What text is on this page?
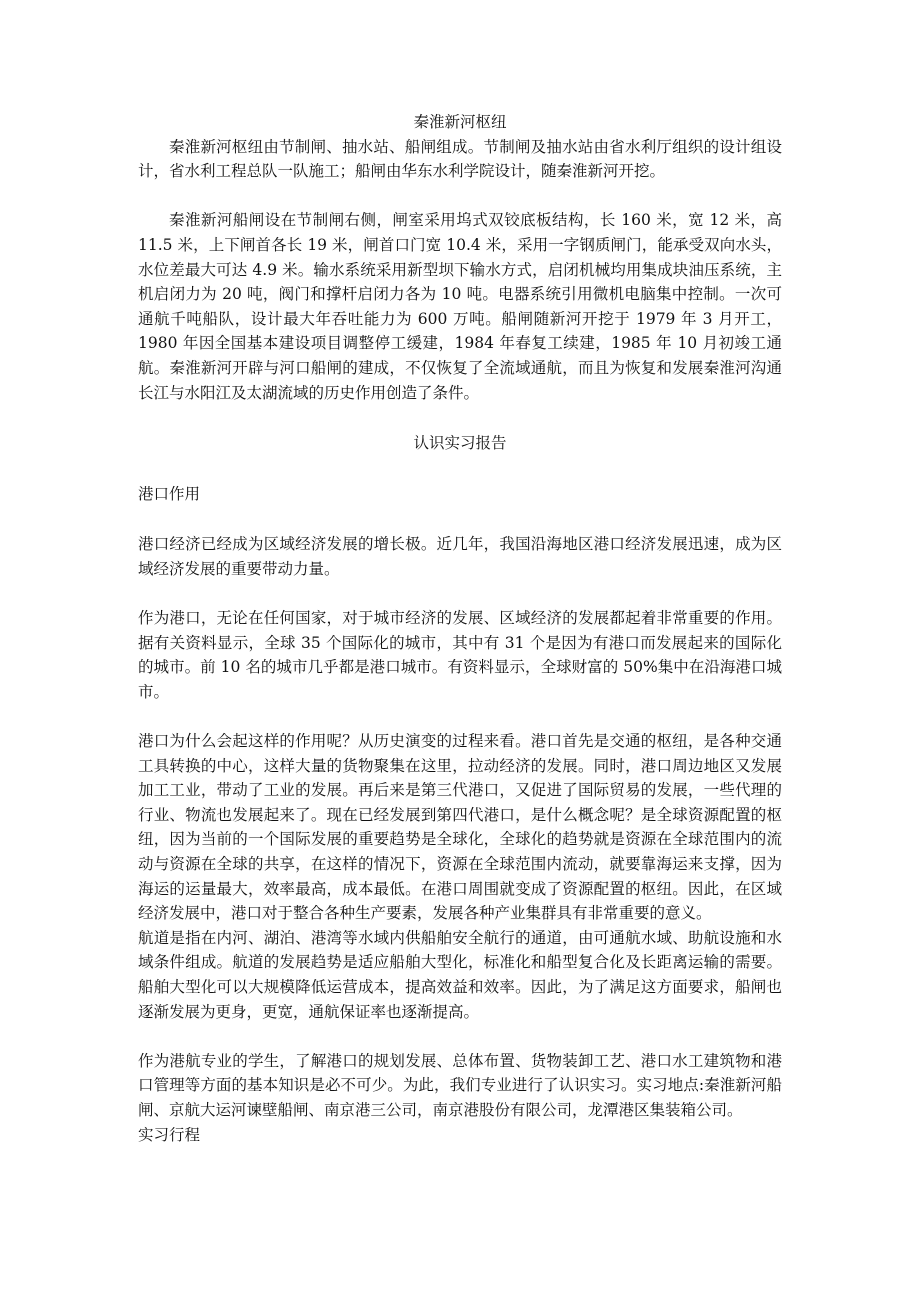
秦淮新河枢纽

秦淮新河枢纽由节制闸、抽水站、船闸组成。节制闸及抽水站由省水利厅组织的设计组设计，省水利工程总队一队施工；船闸由华东水利学院设计，随秦淮新河开挖。

秦淮新河船闸设在节制闸右侧，闸室采用坞式双铰底板结构，长 160 米，宽 12 米，高 11.5 米，上下闸首各长 19 米，闸首口门宽 10.4 米，采用一字钢质闸门，能承受双向水头，水位差最大可达 4.9 米。输水系统采用新型坝下输水方式，启闭机械均用集成块油压系统，主机启闭力为 20 吨，阀门和撑杆启闭力各为 10 吨。电器系统引用微机电脑集中控制。一次可通航千吨船队，设计最大年吞吐能力为 600 万吨。船闸随新河开挖于 1979 年 3 月开工，1980 年因全国基本建设项目调整停工缓建，1984 年春复工续建，1985 年 10 月初竣工通航。秦淮新河开辟与河口船闸的建成，不仅恢复了全流域通航，而且为恢复和发展秦淮河沟通长江与水阳江及太湖流域的历史作用创造了条件。

认识实习报告

港口作用

港口经济已经成为区域经济发展的增长极。近几年，我国沿海地区港口经济发展迅速，成为区域经济发展的重要带动力量。

作为港口，无论在任何国家，对于城市经济的发展、区域经济的发展都起着非常重要的作用。据有关资料显示，全球 35 个国际化的城市，其中有 31 个是因为有港口而发展起来的国际化的城市。前 10 名的城市几乎都是港口城市。有资料显示，全球财富的 50%集中在沿海港口城市。

港口为什么会起这样的作用呢？从历史演变的过程来看。港口首先是交通的枢纽，是各种交通工具转换的中心，这样大量的货物聚集在这里，拉动经济的发展。同时，港口周边地区又发展加工工业，带动了工业的发展。再后来是第三代港口，又促进了国际贸易的发展，一些代理的行业、物流也发展起来了。现在已经发展到第四代港口，是什么概念呢？是全球资源配置的枢纽，因为当前的一个国际发展的重要趋势是全球化，全球化的趋势就是资源在全球范围内的流动与资源在全球的共享，在这样的情况下，资源在全球范围内流动，就要靠海运来支撑，因为海运的运量最大，效率最高，成本最低。在港口周围就变成了资源配置的枢纽。因此，在区域经济发展中，港口对于整合各种生产要素，发展各种产业集群具有非常重要的意义。

航道是指在内河、湖泊、港湾等水域内供船舶安全航行的通道，由可通航水域、助航设施和水域条件组成。航道的发展趋势是适应船舶大型化，标准化和船型复合化及长距离运输的需要。船舶大型化可以大规模降低运营成本，提高效益和效率。因此，为了满足这方面要求，船闸也逐渐发展为更身，更宽，通航保证率也逐渐提高。

作为港航专业的学生，了解港口的规划发展、总体布置、货物装卸工艺、港口水工建筑物和港口管理等方面的基本知识是必不可少。为此，我们专业进行了认识实习。实习地点:秦淮新河船闸、京航大运河谏壁船闸、南京港三公司，南京港股份有限公司，龙潭港区集装箱公司。

实习行程
